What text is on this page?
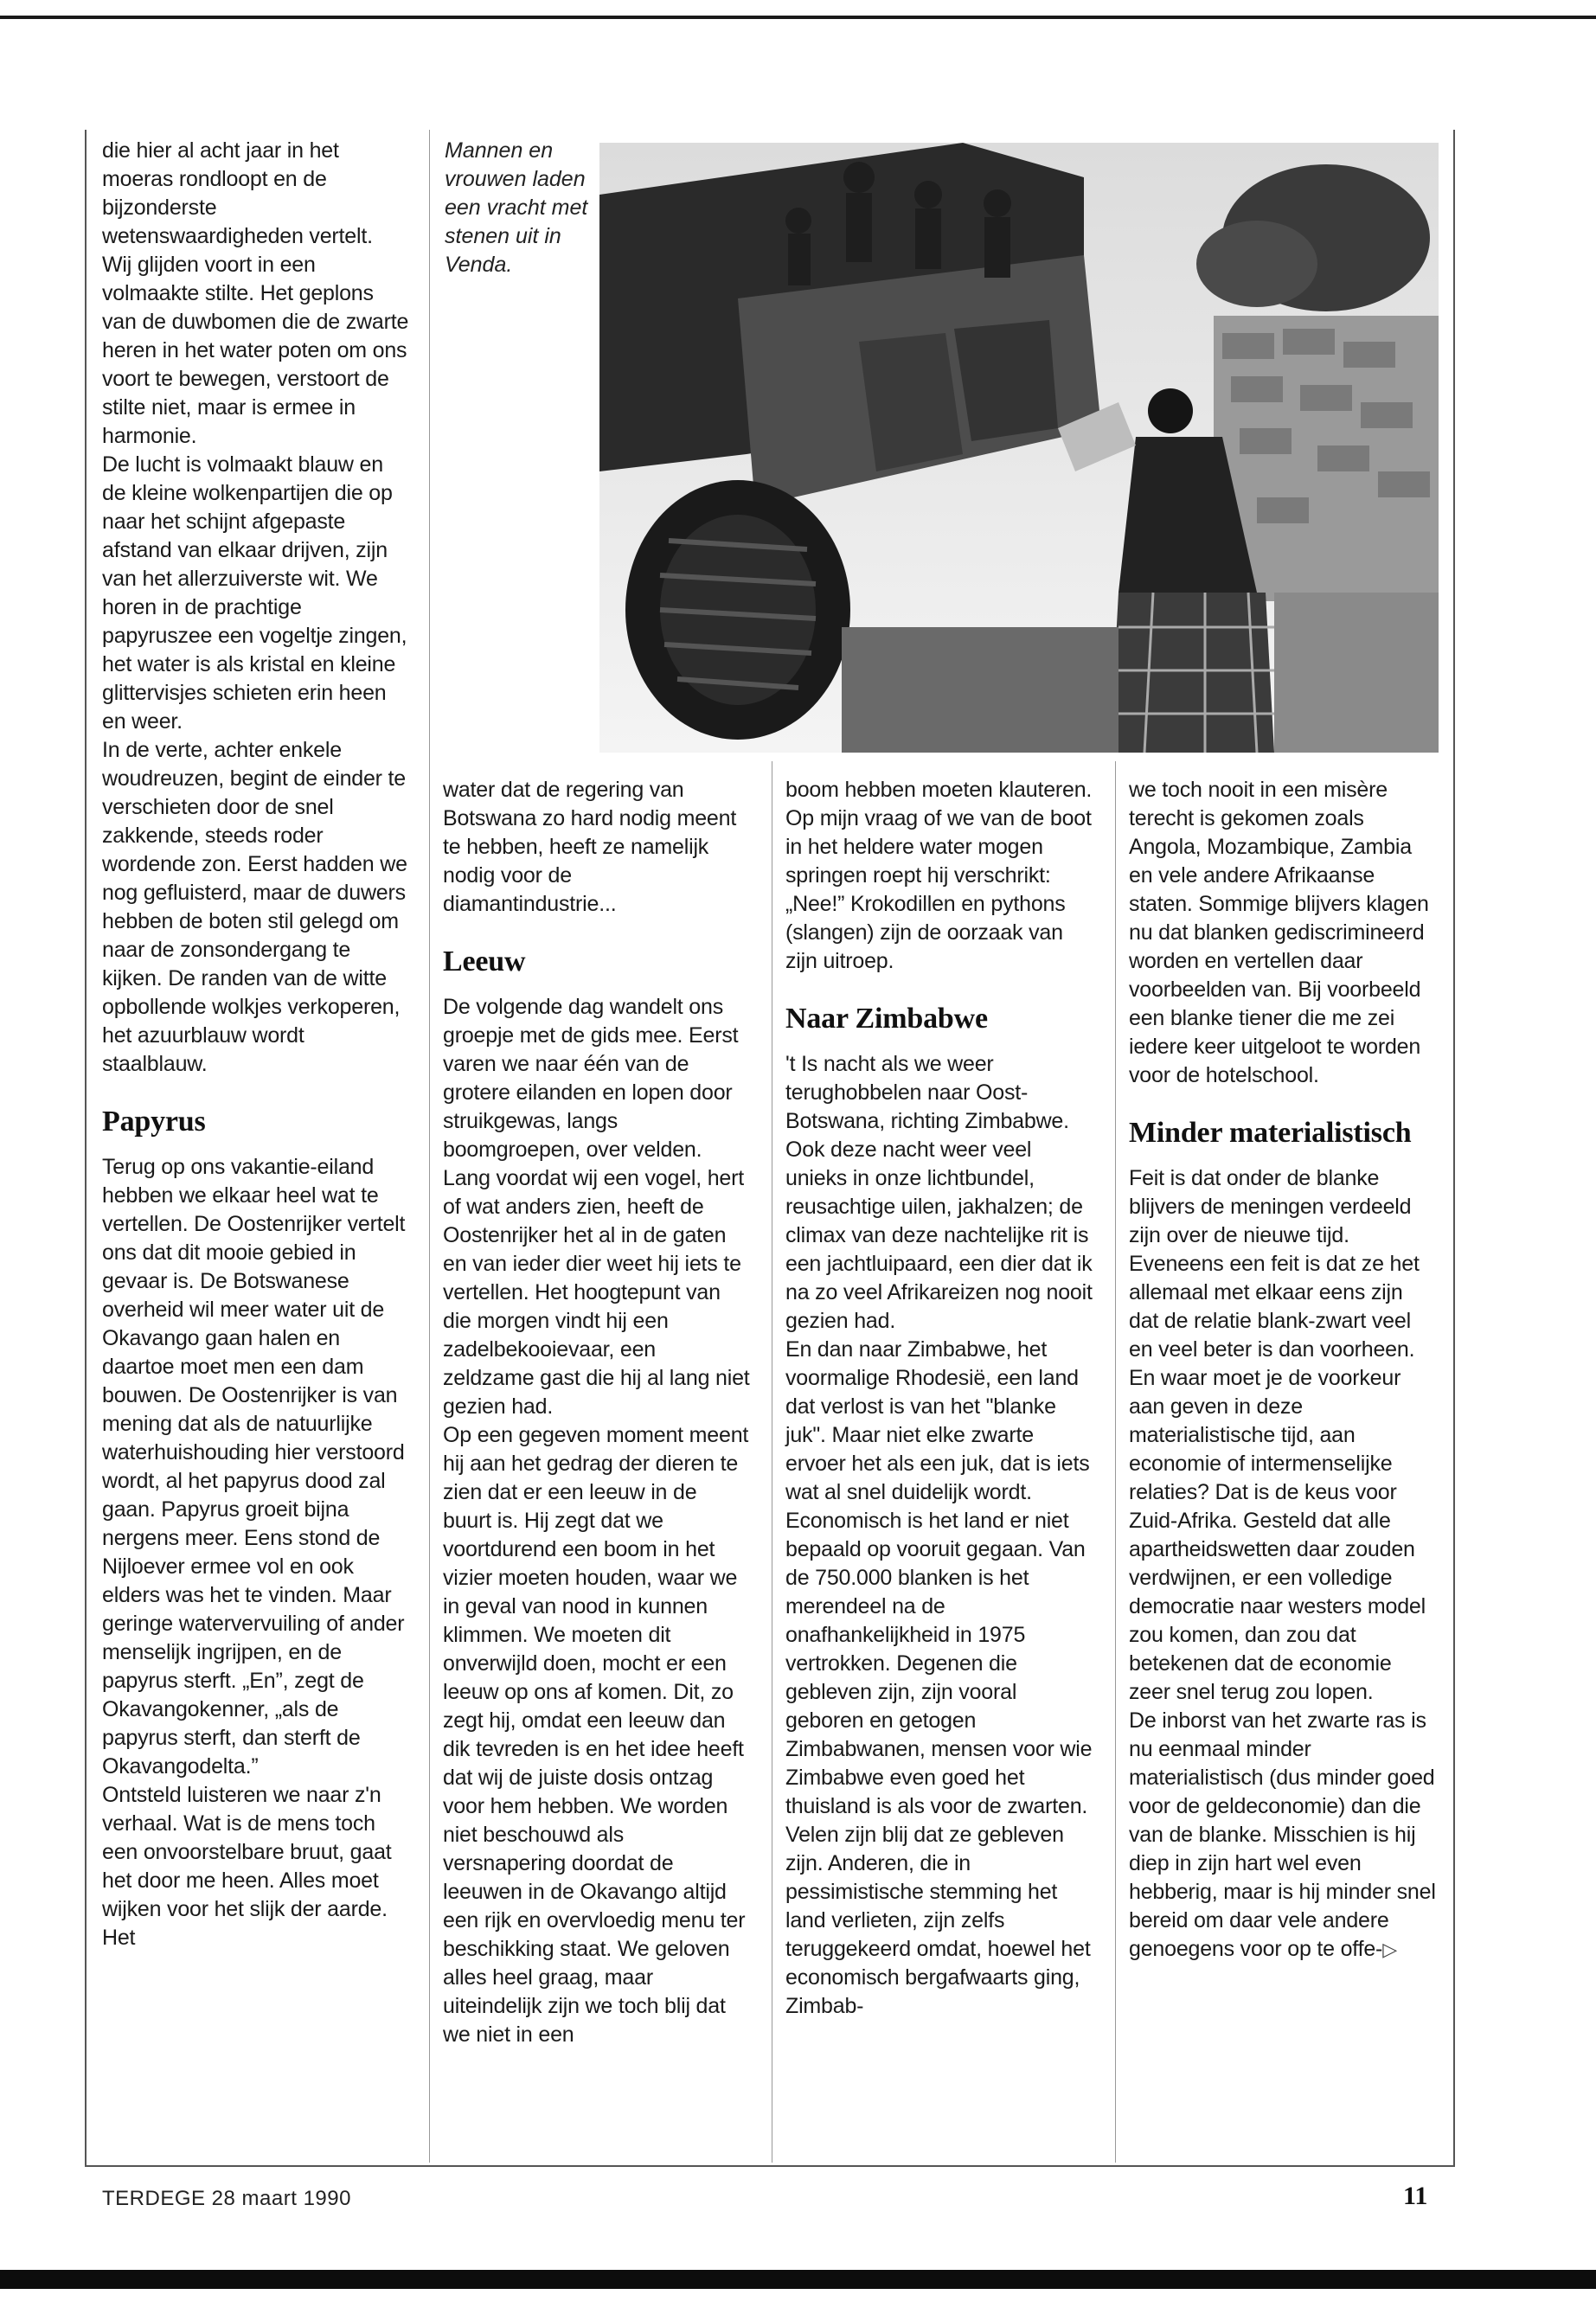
die hier al acht jaar in het moeras rondloopt en de bijzonderste wetenswaardigheden vertelt.

Wij glijden voort in een volmaakte stilte. Het geplons van de duwbomen die de zwarte heren in het water poten om ons voort te bewegen, verstoort de stilte niet, maar is ermee in harmonie.

De lucht is volmaakt blauw en de kleine wolkenpartijen die op naar het schijnt afgepaste afstand van elkaar drijven, zijn van het allerzuiverste wit. We horen in de prachtige papyruszee een vogeltje zingen, het water is als kristal en kleine glittervisjes schieten erin heen en weer.

In de verte, achter enkele woudreuzen, begint de einder te verschieten door de snel zakkende, steeds roder wordende zon. Eerst hadden we nog gefluisterd, maar de duwers hebben de boten stil gelegd om naar de zonsondergang te kijken. De randen van de witte opbollende wolkjes verkoperen, het azuurblauw wordt staalblauw.

Papyrus

Terug op ons vakantie-eiland hebben we elkaar heel wat te vertellen. De Oostenrijker vertelt ons dat dit mooie gebied in gevaar is. De Botswanese overheid wil meer water uit de Okavango gaan halen en daartoe moet men een dam bouwen. De Oostenrijker is van mening dat als de natuurlijke waterhuishouding hier verstoord wordt, al het papyrus dood zal gaan. Papyrus groeit bijna nergens meer. Eens stond de Nijloever ermee vol en ook elders was het te vinden. Maar geringe watervervuiling of ander menselijk ingrijpen, en de papyrus sterft. „En”, zegt de Okavangokenner, „als de papyrus sterft, dan sterft de Okavangodelta.”

Ontsteld luisteren we naar z'n verhaal. Wat is de mens toch een onvoorstelbare bruut, gaat het door me heen. Alles moet wijken voor het slijk der aarde. Het

Mannen en vrouwen laden een vracht met stenen uit in Venda.

water dat de regering van Botswana zo hard nodig meent te hebben, heeft ze namelijk nodig voor de diamantindustrie...

Leeuw

De volgende dag wandelt ons groepje met de gids mee. Eerst varen we naar één van de grotere eilanden en lopen door struikgewas, langs boomgroepen, over velden. Lang voordat wij een vogel, hert of wat anders zien, heeft de Oostenrijker het al in de gaten en van ieder dier weet hij iets te vertellen. Het hoogtepunt van die morgen vindt hij een zadelbekooievaar, een zeldzame gast die hij al lang niet gezien had.

Op een gegeven moment meent hij aan het gedrag der dieren te zien dat er een leeuw in de buurt is. Hij zegt dat we voortdurend een boom in het vizier moeten houden, waar we in geval van nood in kunnen klimmen. We moeten dit onverwijld doen, mocht er een leeuw op ons af komen. Dit, zo zegt hij, omdat een leeuw dan dik tevreden is en het idee heeft dat wij de juiste dosis ontzag voor hem hebben. We worden niet beschouwd als versnapering doordat de leeuwen in de Okavango altijd een rijk en overvloedig menu ter beschikking staat. We geloven alles heel graag, maar uiteindelijk zijn we toch blij dat we niet in een

boom hebben moeten klauteren.

Op mijn vraag of we van de boot in het heldere water mogen springen roept hij verschrikt: „Nee!” Krokodillen en pythons (slangen) zijn de oorzaak van zijn uitroep.

Naar Zimbabwe

't Is nacht als we weer terughobbelen naar Oost-Botswana, richting Zimbabwe. Ook deze nacht weer veel unieks in onze lichtbundel, reusachtige uilen, jakhalzen; de climax van deze nachtelijke rit is een jachtluipaard, een dier dat ik na zo veel Afrikareizen nog nooit gezien had.

En dan naar Zimbabwe, het voormalige Rhodesië, een land dat verlost is van het "blanke juk". Maar niet elke zwarte ervoer het als een juk, dat is iets wat al snel duidelijk wordt. Economisch is het land er niet bepaald op vooruit gegaan. Van de 750.000 blanken is het merendeel na de onafhankelijkheid in 1975 vertrokken. Degenen die gebleven zijn, zijn vooral geboren en getogen Zimbabwanen, mensen voor wie Zimbabwe even goed het thuisland is als voor de zwarten. Velen zijn blij dat ze gebleven zijn. Anderen, die in pessimistische stemming het land verlieten, zijn zelfs teruggekeerd omdat, hoewel het economisch bergafwaarts ging, Zimbab-

we toch nooit in een misère terecht is gekomen zoals Angola, Mozambique, Zambia en vele andere Afrikaanse staten. Sommige blijvers klagen nu dat blanken gediscrimineerd worden en vertellen daar voorbeelden van. Bij voorbeeld een blanke tiener die me zei iedere keer uitgeloot te worden voor de hotelschool.

Minder materialistisch

Feit is dat onder de blanke blijvers de meningen verdeeld zijn over de nieuwe tijd. Eveneens een feit is dat ze het allemaal met elkaar eens zijn dat de relatie blank-zwart veel en veel beter is dan voorheen. En waar moet je de voorkeur aan geven in deze materialistische tijd, aan economie of intermenselijke relaties? Dat is de keus voor Zuid-Afrika. Gesteld dat alle apartheidswetten daar zouden verdwijnen, er een volledige democratie naar westers model zou komen, dan zou dat betekenen dat de economie zeer snel terug zou lopen.

De inborst van het zwarte ras is nu eenmaal minder materialistisch (dus minder goed voor de geldeconomie) dan die van de blanke. Misschien is hij diep in zijn hart wel even hebberig, maar is hij minder snel bereid om daar vele andere genoegens voor op te offe-▷

TERDEGE 28 maart 1990	11
